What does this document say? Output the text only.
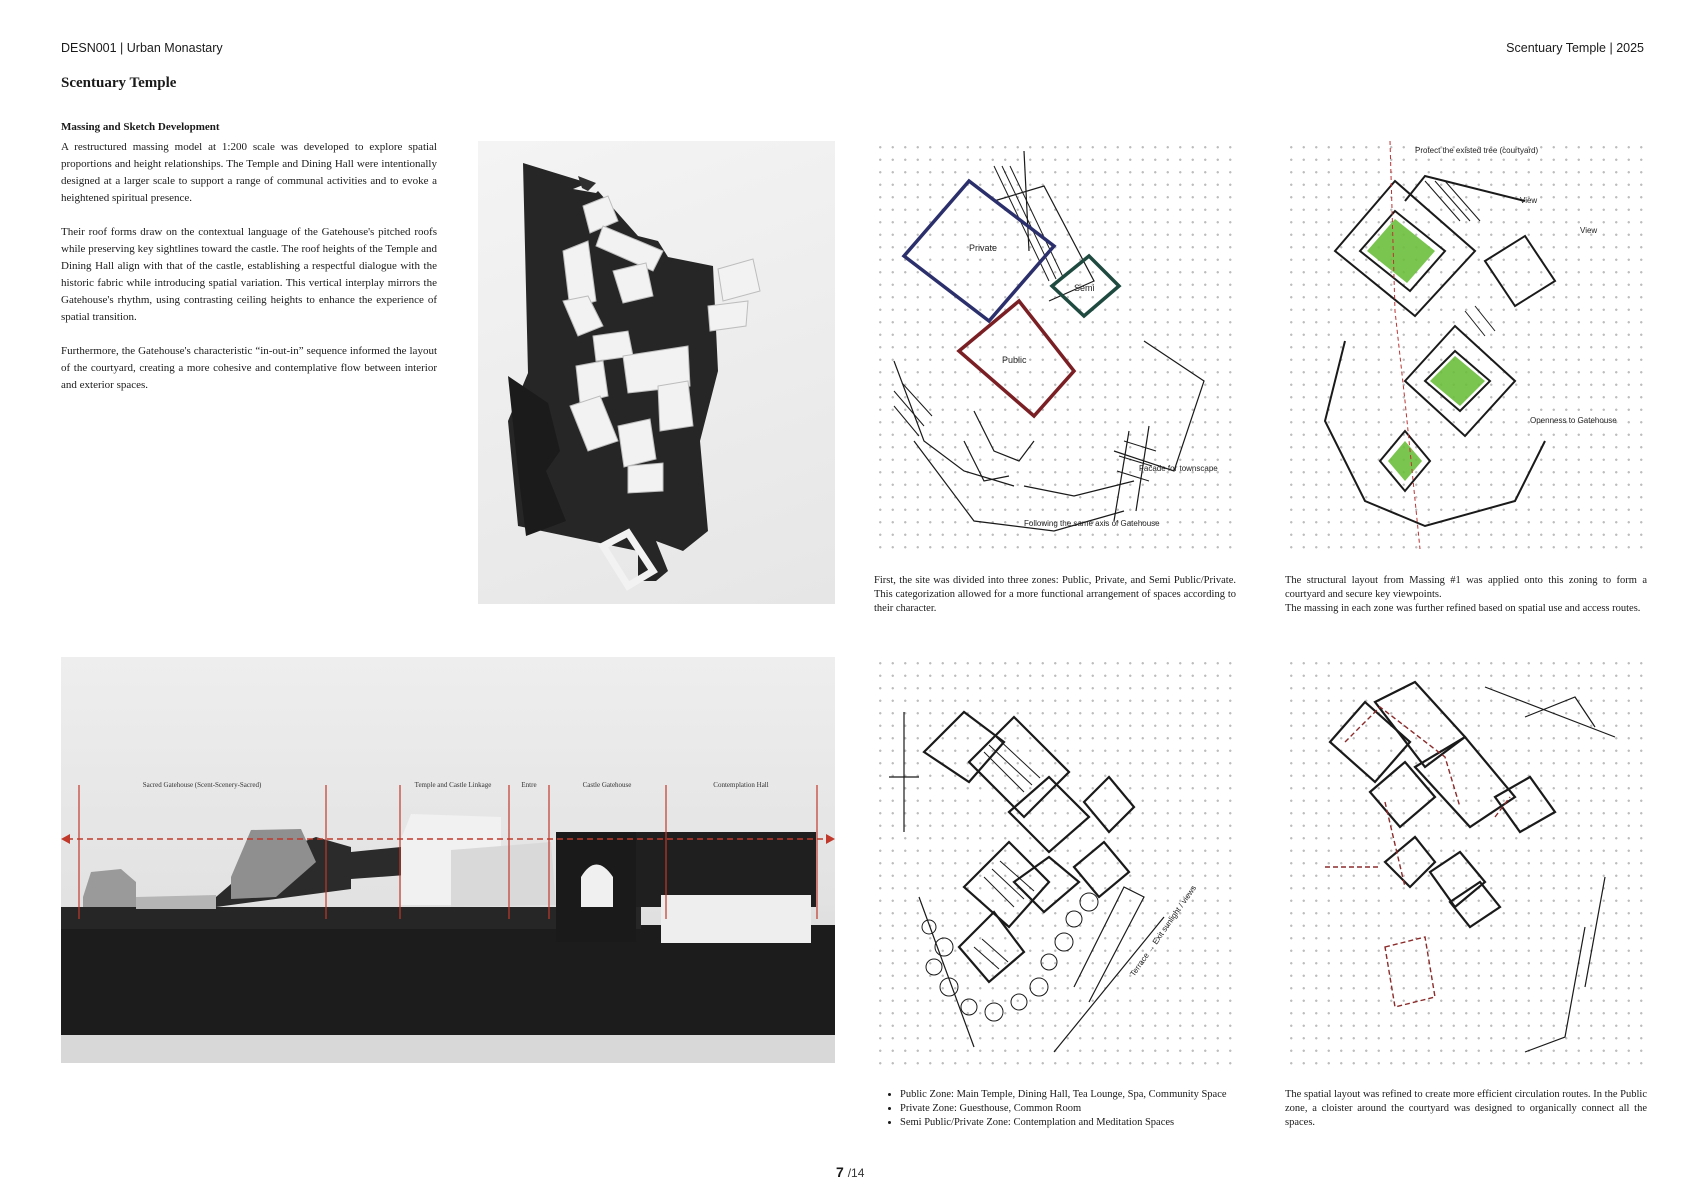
DESN001 | Urban Monastary	Scentuary Temple | 2025
Scentuary Temple
Massing and Sketch Development

A restructured massing model at 1:200 scale was developed to explore spatial proportions and height relationships. The Temple and Dining Hall were intentionally designed at a larger scale to support a range of communal activities and to evoke a heightened spiritual presence.

Their roof forms draw on the contextual language of the Gatehouse's pitched roofs while preserving key sightlines toward the castle. The roof heights of the Temple and Dining Hall align with that of the castle, establishing a respectful dialogue with the historic fabric while introducing spatial variation. This vertical interplay mirrors the Gatehouse's rhythm, using contrasting ceiling heights to enhance the experience of spatial transition.

Furthermore, the Gatehouse's characteristic “in-out-in” sequence informed the layout of the courtyard, creating a more cohesive and contemplative flow between interior and exterior spaces.

Private
Semi
Public
Facade for townscape
Following the same axis of Gatehouse
Protect the existed tree (courtyard)
View
View
Openness to Gatehouse
Terrace → Exit sunlight / views
First, the site was divided into three zones: Public, Private, and Semi Public/Private. This categorization allowed for a more functional arrangement of spaces according to their character.
The structural layout from Massing #1 was applied onto this zoning to form a courtyard and secure key viewpoints.
The massing in each zone was further refined based on spatial use and access routes.
• Public Zone: Main Temple, Dining Hall, Tea Lounge, Spa, Community Space
• Private Zone: Guesthouse, Common Room
• Semi Public/Private Zone: Contemplation and Meditation Spaces
The spatial layout was refined to create more efficient circulation routes. In the Public zone, a cloister around the courtyard was designed to organically connect all the spaces.
Sacred Gatehouse (Scent-Scenery-Sacred)	Temple and Castle Linkage	Entre	Castle Gatehouse	Contemplation Hall
7 /14
